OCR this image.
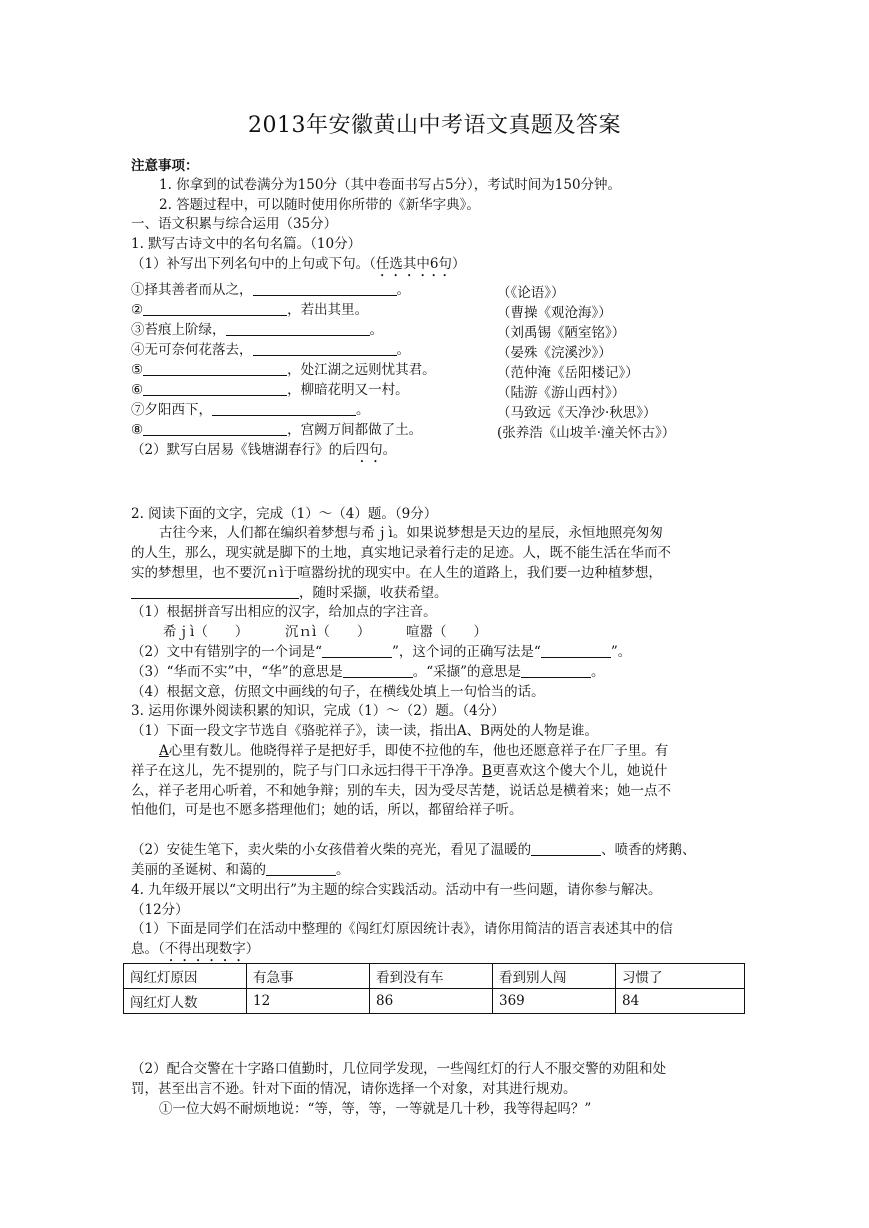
2013年安徽黄山中考语文真题及答案
注意事项：
1. 你拿到的试卷满分为150分（其中卷面书写占5分），考试时间为150分钟。
2. 答题过程中，可以随时使用你所带的《新华字典》。
一、语文积累与综合运用（35分）
1. 默写古诗文中的名句名篇。（10分）
（1）补写出下列名句中的上句或下句。（任选其中6句）
①择其善者而从之，	。	（《论语》）
②	，若出其里。	（曹操《观沧海》）
③苔痕上阶绿，	。	（刘禹锡《陋室铭》）
④无可奈何花落去，	。	（晏殊《浣溪沙》）
⑤	，处江湖之远则忧其君。	（范仲淹《岳阳楼记》）
⑥	，柳暗花明又一村。	（陆游《游山西村》）
⑦夕阳西下，	。	（马致远《天净沙·秋思》）
⑧	，宫阙万间都做了土。	(张养浩《山坡羊·潼关怀古》）
（2）默写白居易《钱塘湖春行》的后四句。
2. 阅读下面的文字，完成（1）～（4）题。（9分）
古往今来，人们都在编织着梦想与希ｊì。如果说梦想是天边的星辰，永恒地照亮匆匆
的人生，那么，现实就是脚下的土地，真实地记录着行走的足迹。人，既不能生活在华而不
实的梦想里，也不要沉ｎì于喧嚣纷扰的现实中。在人生的道路上，我们要一边种植梦想，
，随时采撷，收获希望。
（1）根据拼音写出相应的汉字，给加点的字注音。
希ｊì（　　）	沉ｎì（　　）	喧嚣（　　）
（2）文中有错别字的一个词是“	”，这个词的正确写法是“	”。
（3）“华而不实”中，“华”的意思是	。“采撷”的意思是	。
（4）根据文意，仿照文中画线的句子，在横线处填上一句恰当的话。
3. 运用你课外阅读积累的知识，完成（1）～（2）题。（4分）
（1）下面一段文字节选自《骆驼祥子》，读一读，指出A、B两处的人物是谁。
A心里有数儿。他晓得祥子是把好手，即使不拉他的车，他也还愿意祥子在厂子里。有
祥子在这儿，先不提别的，院子与门口永远扫得干干净净。B更喜欢这个傻大个儿，她说什
么，祥子老用心听着，不和她争辩；别的车夫，因为受尽苦楚，说话总是横着来；她一点不
怕他们，可是也不愿多搭理他们；她的话，所以，都留给祥子听。
（2）安徒生笔下，卖火柴的小女孩借着火柴的亮光，看见了温暖的	、喷香的烤鹅、
美丽的圣诞树、和蔼的	。
4. 九年级开展以“文明出行”为主题的综合实践活动。活动中有一些问题，请你参与解决。
（12分）
（1）下面是同学们在活动中整理的《闯红灯原因统计表》，请你用简洁的语言表述其中的信
息。（不得出现数字）
闯红灯原因	有急事	看到没有车	看到别人闯	习惯了
闯红灯人数	12	86	369	84
（2）配合交警在十字路口值勤时，几位同学发现，一些闯红灯的行人不服交警的劝阻和处
罚，甚至出言不逊。针对下面的情况，请你选择一个对象，对其进行规劝。
①一位大妈不耐烦地说：“等，等，等，一等就是几十秒，我等得起吗？”
